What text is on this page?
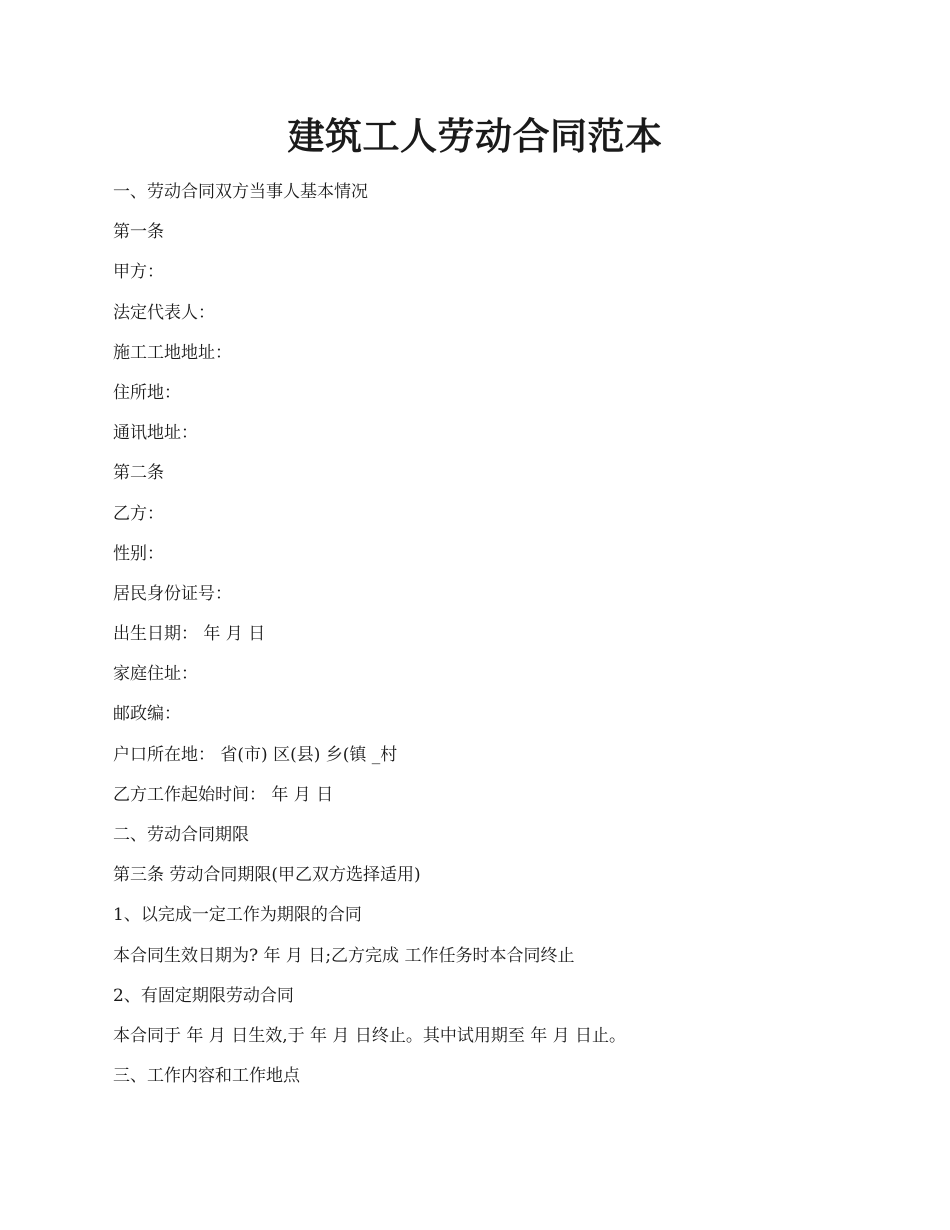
建筑工人劳动合同范本
一、劳动合同双方当事人基本情况
第一条
甲方：
法定代表人：
施工工地地址：
住所地：
通讯地址：
第二条
乙方：
性别：
居民身份证号：
出生日期： 年 月 日
家庭住址：
邮政编：
户口所在地： 省(市) 区(县) 乡(镇 _村
乙方工作起始时间： 年 月 日
二、劳动合同期限
第三条 劳动合同期限(甲乙双方选择适用)
1、以完成一定工作为期限的合同
本合同生效日期为? 年 月 日;乙方完成 工作任务时本合同终止
2、有固定期限劳动合同
本合同于 年 月 日生效,于 年 月 日终止。其中试用期至 年 月 日止。
三、工作内容和工作地点
